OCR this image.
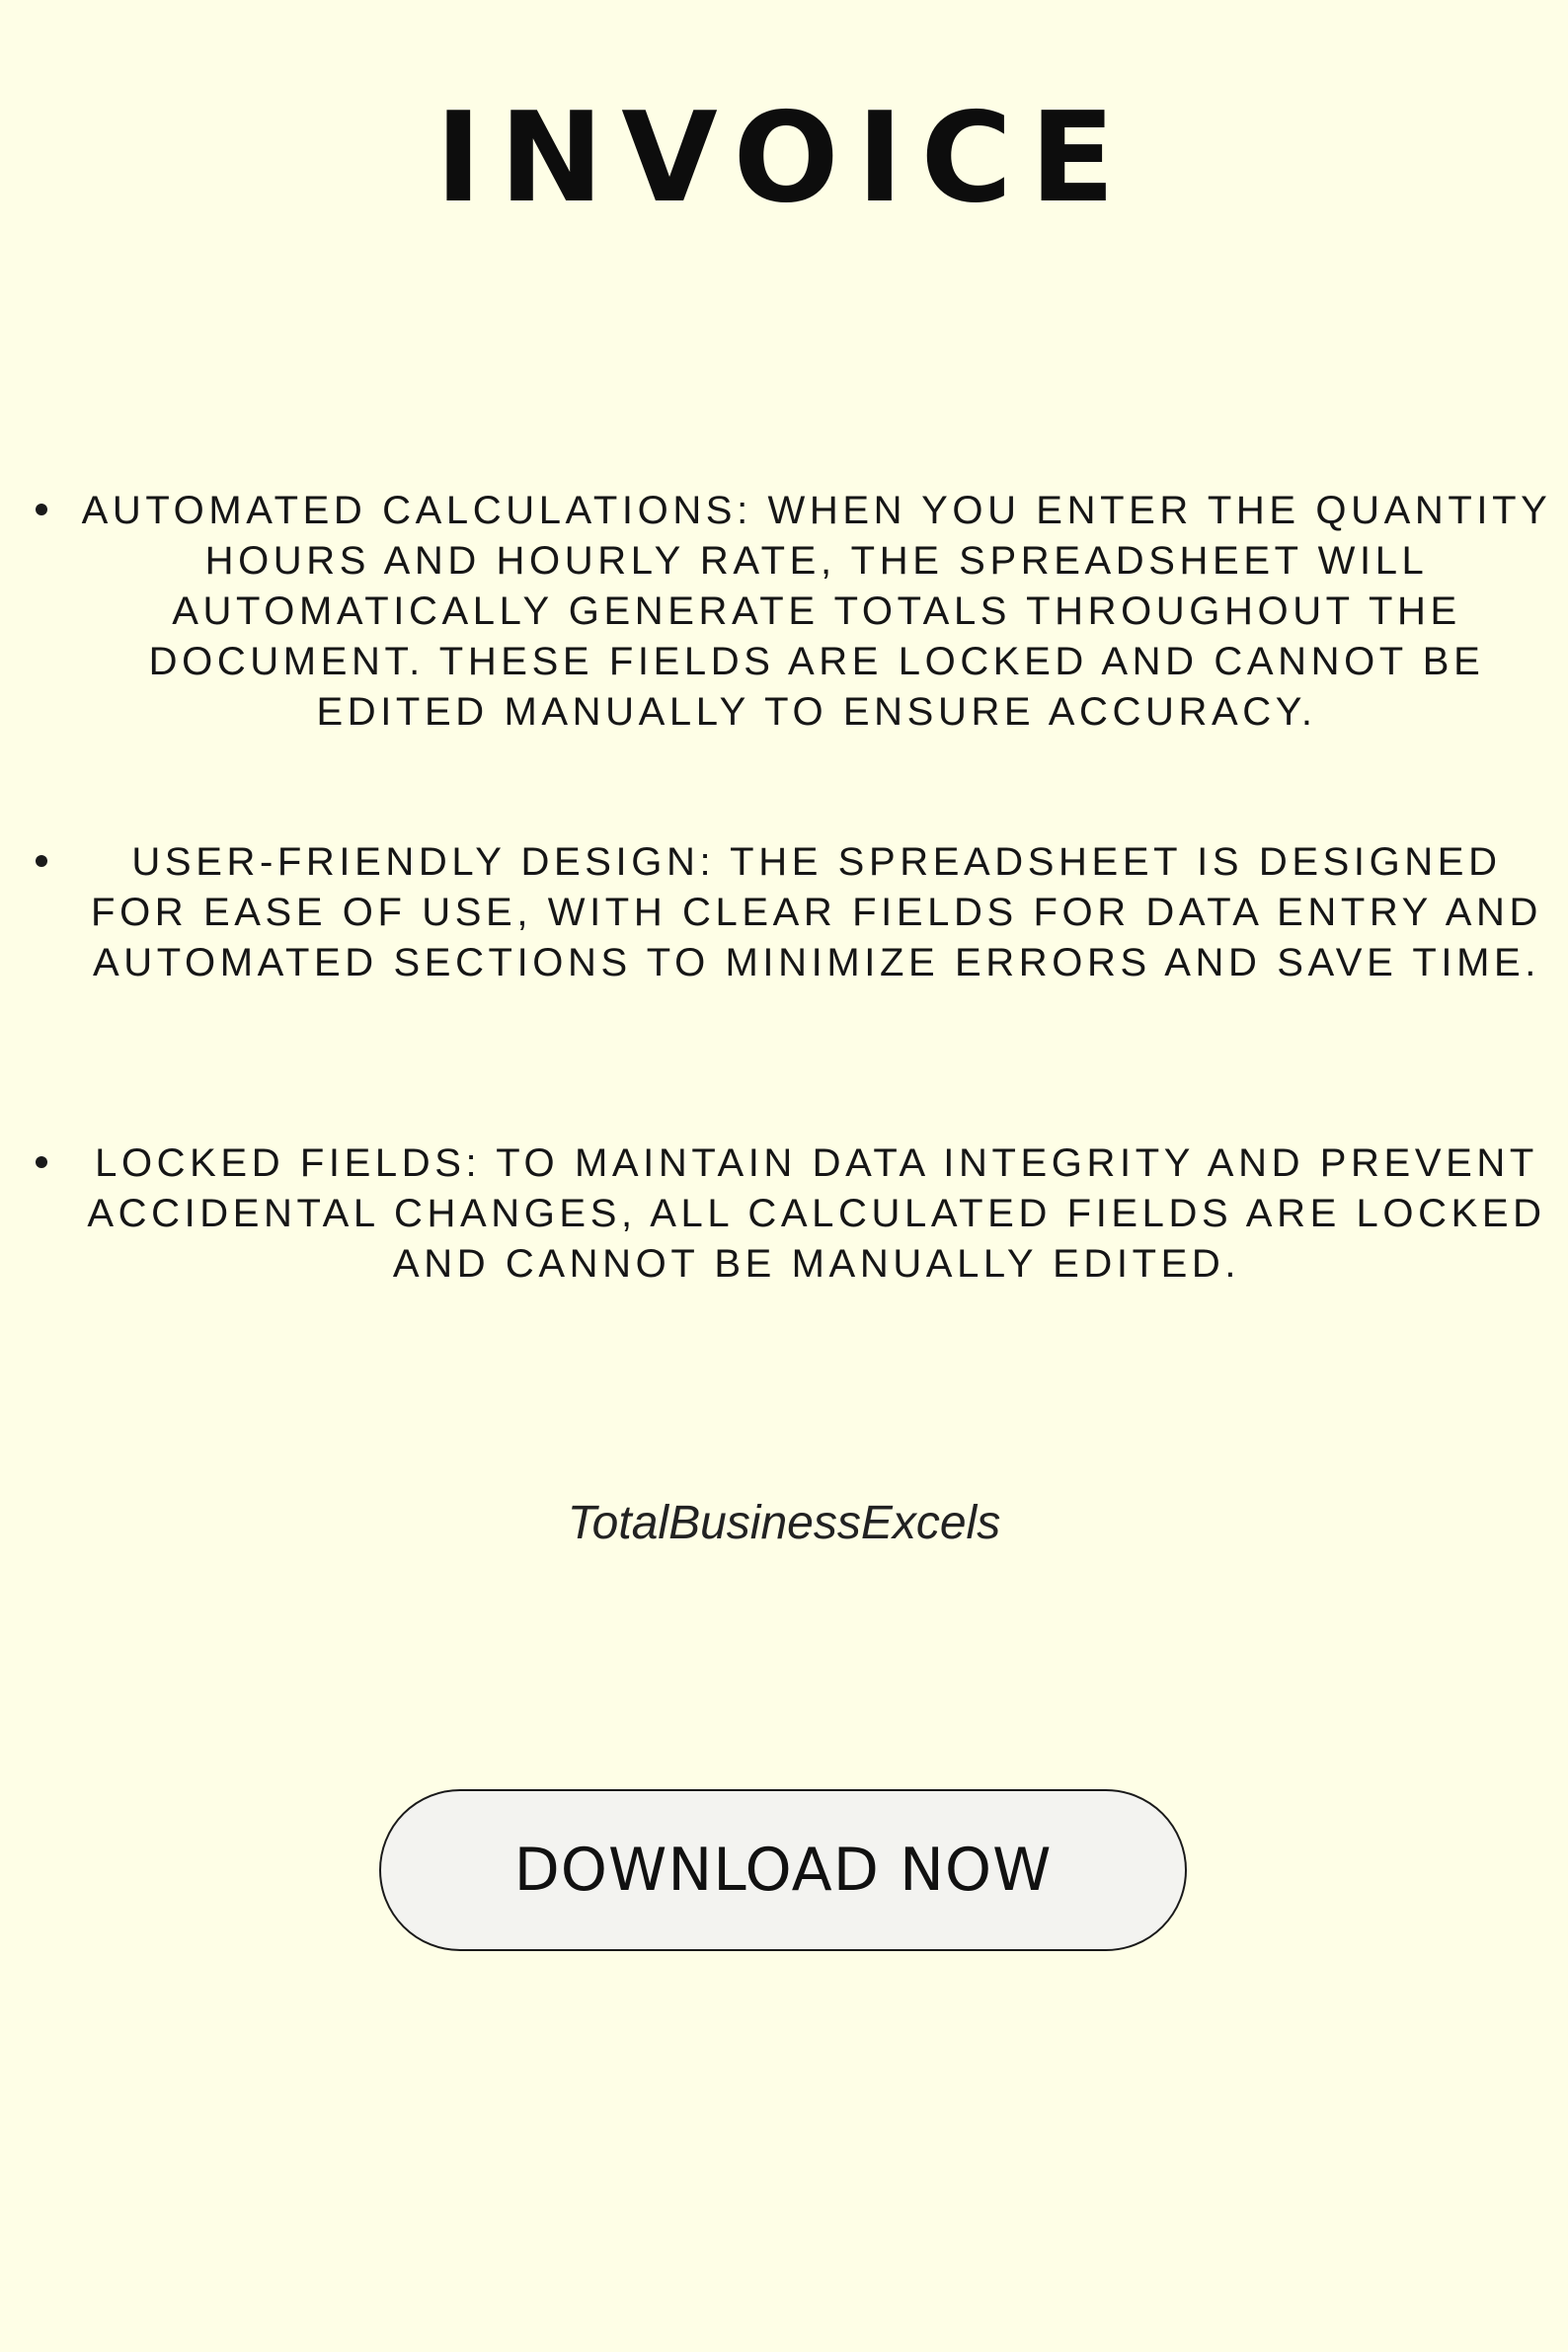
INVOICE
AUTOMATED CALCULATIONS: WHEN YOU ENTER THE QUANTITY HOURS AND HOURLY RATE, THE SPREADSHEET WILL AUTOMATICALLY GENERATE TOTALS THROUGHOUT THE DOCUMENT. THESE FIELDS ARE LOCKED AND CANNOT BE EDITED MANUALLY TO ENSURE ACCURACY.
USER-FRIENDLY DESIGN: THE SPREADSHEET IS DESIGNED FOR EASE OF USE, WITH CLEAR FIELDS FOR DATA ENTRY AND AUTOMATED SECTIONS TO MINIMIZE ERRORS AND SAVE TIME.
LOCKED FIELDS: TO MAINTAIN DATA INTEGRITY AND PREVENT ACCIDENTAL CHANGES, ALL CALCULATED FIELDS ARE LOCKED AND CANNOT BE MANUALLY EDITED.

TotalBusinessExcels

DOWNLOAD NOW
